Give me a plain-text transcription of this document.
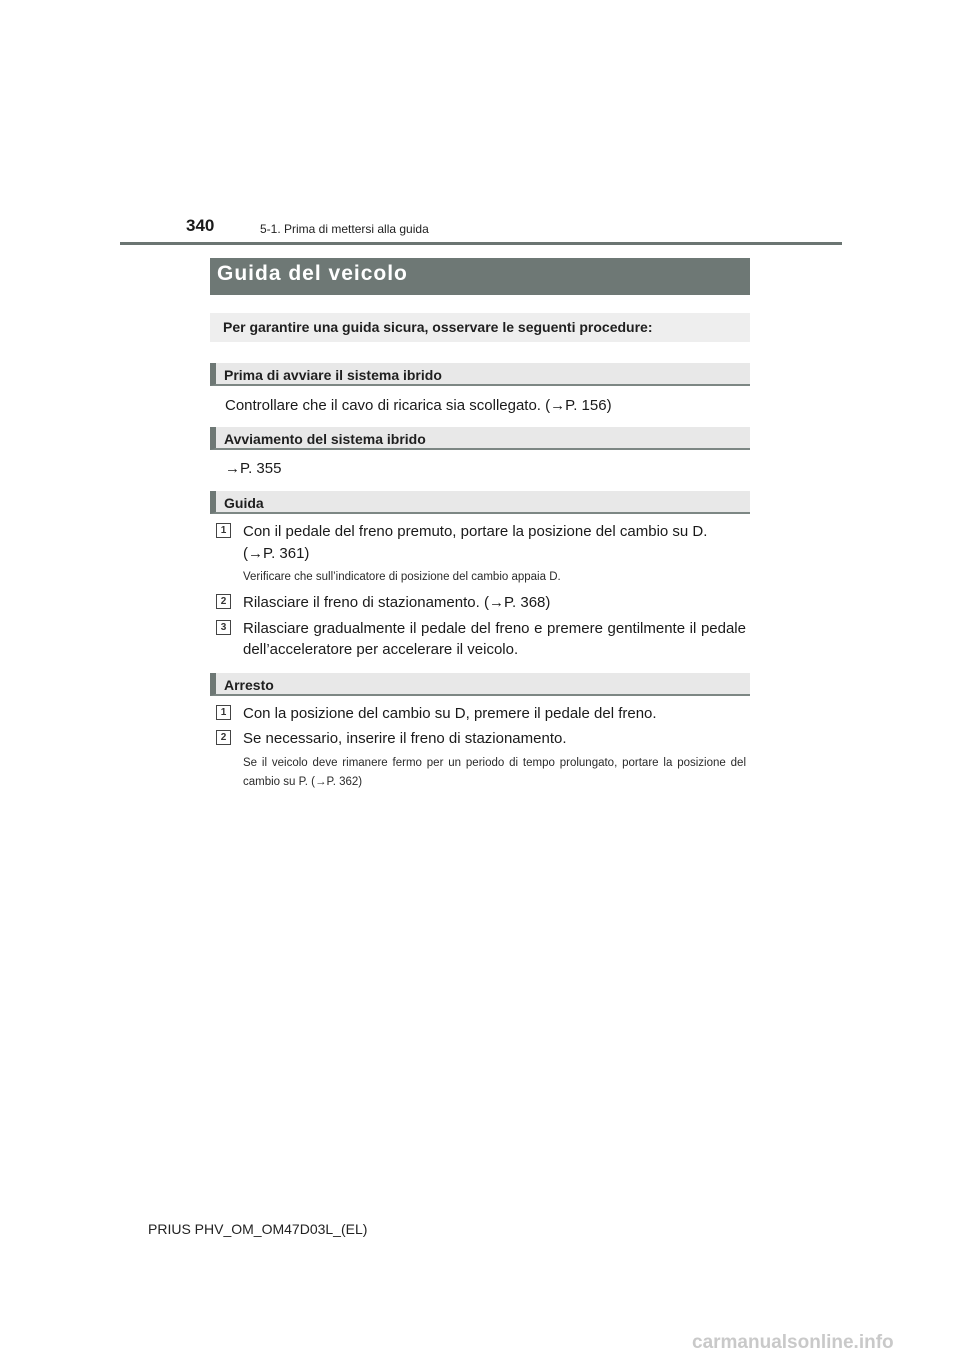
340	5-1. Prima di mettersi alla guida
Guida del veicolo
Per garantire una guida sicura, osservare le seguenti procedure:
Prima di avviare il sistema ibrido
Controllare che il cavo di ricarica sia scollegato. (→P. 156)
Avviamento del sistema ibrido
→P. 355
Guida
1	Con il pedale del freno premuto, portare la posizione del cambio su D.
(→P. 361)
Verificare che sull’indicatore di posizione del cambio appaia D.
2	Rilasciare il freno di stazionamento. (→P. 368)
3	Rilasciare gradualmente il pedale del freno e premere gentilmente il pedale dell’acceleratore per accelerare il veicolo.
Arresto
1	Con la posizione del cambio su D, premere il pedale del freno.
2	Se necessario, inserire il freno di stazionamento.
Se il veicolo deve rimanere fermo per un periodo di tempo prolungato, portare la posizione del cambio su P. (→P. 362)
PRIUS PHV_OM_OM47D03L_(EL)
carmanualsonline.info
